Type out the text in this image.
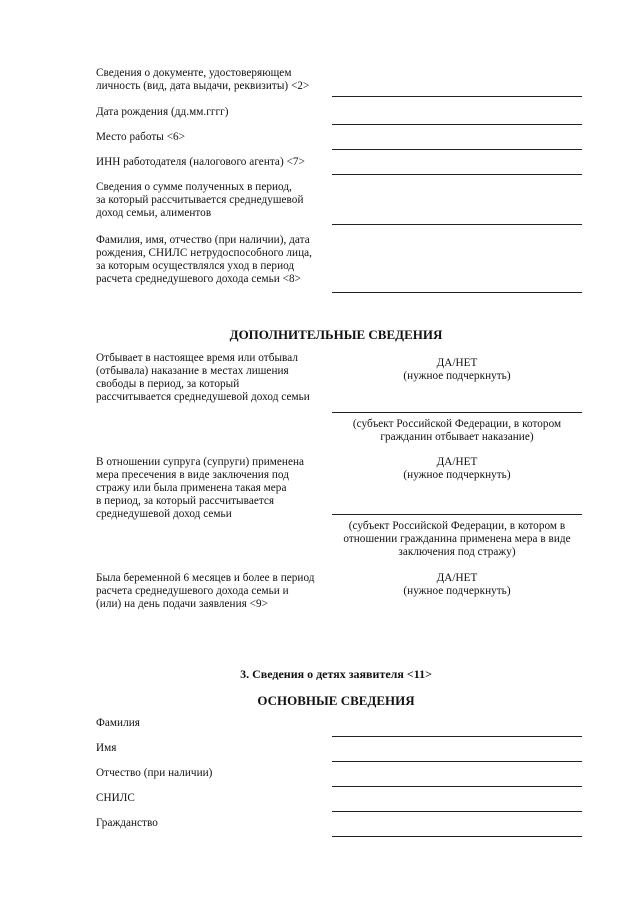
Сведения о документе, удостоверяющем
личность (вид, дата выдачи, реквизиты) <2>
Дата рождения (дд.мм.гггг)
Место работы <6>
ИНН работодателя (налогового агента) <7>
Сведения о сумме полученных в период,
за который рассчитывается среднедушевой
доход семьи, алиментов
Фамилия, имя, отчество (при наличии), дата
рождения, СНИЛС нетрудоспособного лица,
за которым осуществлялся уход в период
расчета среднедушевого дохода семьи <8>
ДОПОЛНИТЕЛЬНЫЕ СВЕДЕНИЯ
Отбывает в настоящее время или отбывал
(отбывала) наказание в местах лишения
свободы в период, за который
рассчитывается среднедушевой доход семьи
ДА/НЕТ
(нужное подчеркнуть)
(субъект Российской Федерации, в котором
гражданин отбывает наказание)
В отношении супруга (супруги) применена
мера пресечения в виде заключения под
стражу или была применена такая мера
в период, за который рассчитывается
среднедушевой доход семьи
ДА/НЕТ
(нужное подчеркнуть)
(субъект Российской Федерации, в котором в
отношении гражданина применена мера в виде
заключения под стражу)
Была беременной 6 месяцев и более в период
расчета среднедушевого дохода семьи и
(или) на день подачи заявления <9>
ДА/НЕТ
(нужное подчеркнуть)
3. Сведения о детях заявителя <11>
ОСНОВНЫЕ СВЕДЕНИЯ
Фамилия
Имя
Отчество (при наличии)
СНИЛС
Гражданство
